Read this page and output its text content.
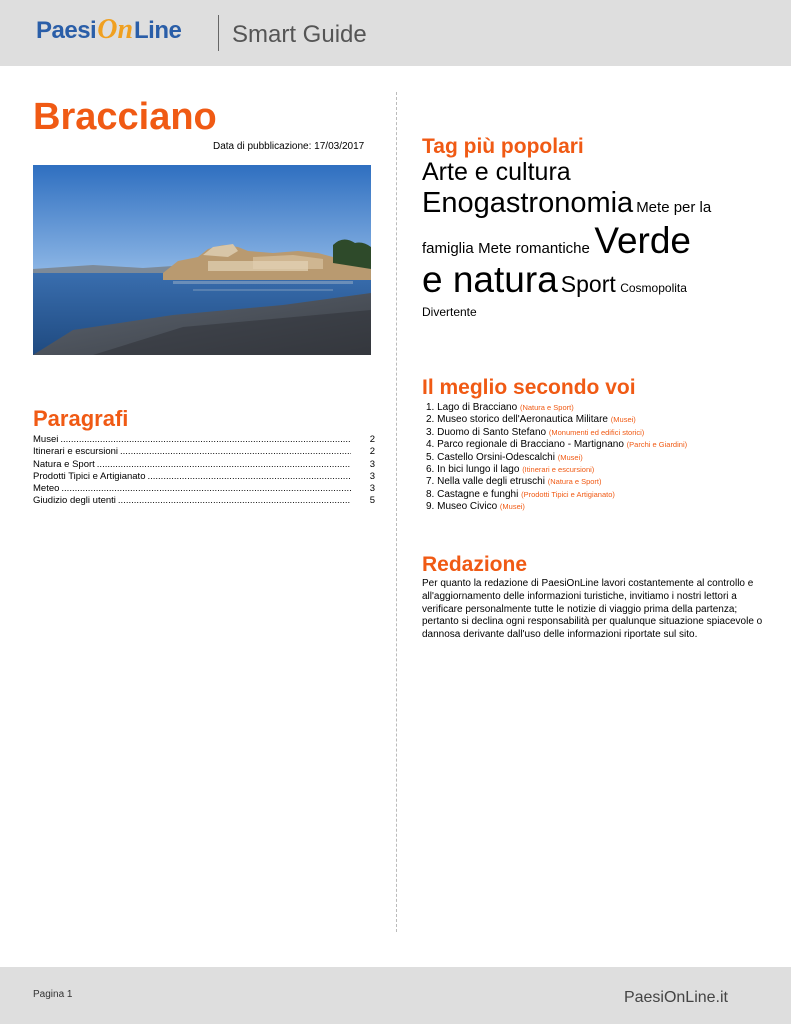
Paesi On Line Smart Guide
Bracciano
Data di pubblicazione: 17/03/2017
Paragrafi
Musei .....	2
Itinerari e escursioni .....	2
Natura e Sport .....	3
Prodotti Tipici e Artigianato .....	3
Meteo .....	3
Giudizio degli utenti .....	5
Tag più popolari
Arte e cultura
Enogastronomia Mete per la
famiglia Mete romantiche Verde
e natura Sport Cosmopolita
Divertente
Il meglio secondo voi
1. Lago di Bracciano (Natura e Sport)
2. Museo storico dell'Aeronautica Militare (Musei)
3. Duomo di Santo Stefano (Monumenti ed edifici storici)
4. Parco regionale di Bracciano - Martignano (Parchi e Giardini)
5. Castello Orsini-Odescalchi (Musei)
6. In bici lungo il lago (Itinerari e escursioni)
7. Nella valle degli etruschi (Natura e Sport)
8. Castagne e funghi (Prodotti Tipici e Artigianato)
9. Museo Civico (Musei)
Redazione

Per quanto la redazione di PaesiOnLine lavori costantemente al controllo e all'aggiornamento delle informazioni turistiche, invitiamo i nostri lettori a verificare personalmente tutte le notizie di viaggio prima della partenza; pertanto si declina ogni responsabilità per qualunque situazione spiacevole o dannosa derivante dall'uso delle informazioni riportate sul sito.

Pagina 1	PaesiOnLine.it
